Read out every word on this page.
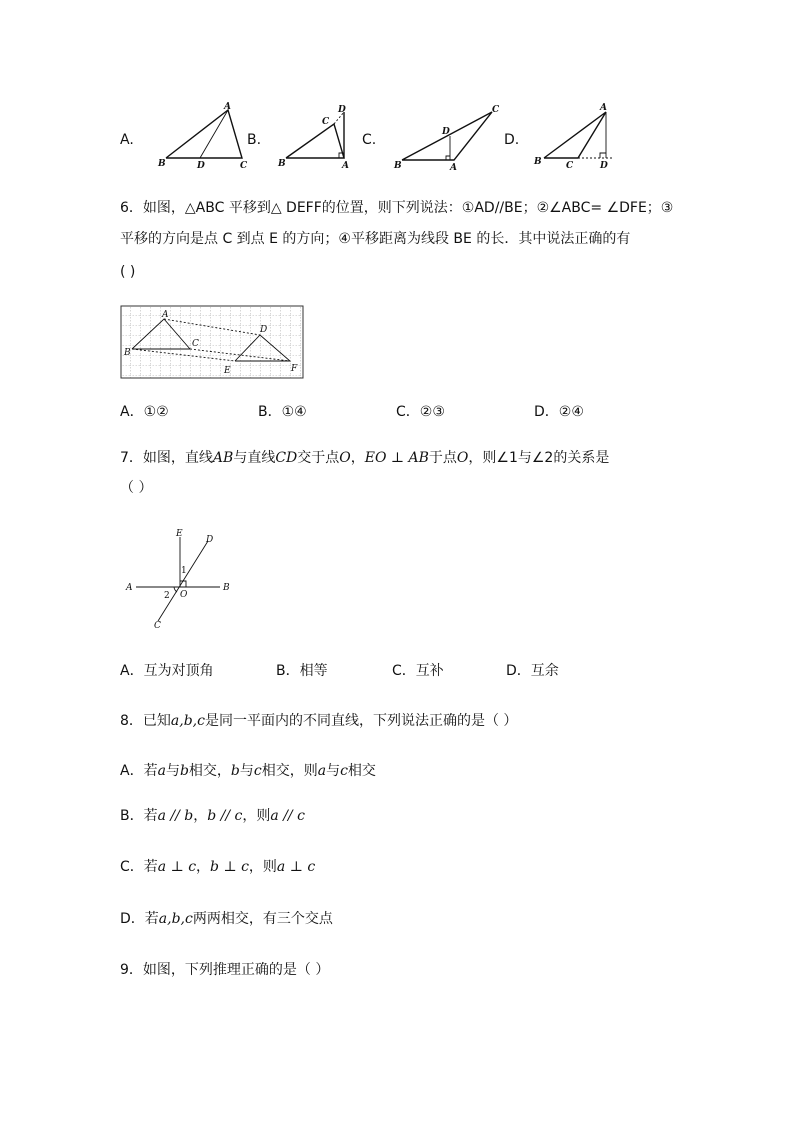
A.
A
B	D	C
B.
D
C
B	A
C.
C
D
B	A
D.
A
B	C	D
6．如图，△ABC 平移到△ DEFF的位置，则下列说法：①AD//BE；②∠ABC= ∠DFE；③
平移的方向是点 C 到点 E 的方向；④平移距离为线段 BE 的长．其中说法正确的有
( )
A
D
B
C
E	F
A．①②	B．①④	C．②③	D．②④
7．如图，直线AB与直线CD交于点O，EO ⊥ AB于点O，则∠1与∠2的关系是
（ ）
E
D
1
A
2 O
B
C
A．互为对顶角	B．相等	C．互补	D．互余
8．已知a,b,c是同一平面内的不同直线，下列说法正确的是（ ）
A．若a与b相交，b与c相交，则a与c相交
B．若a // b，b // c，则a // c
C．若a ⊥ c，b ⊥ c，则a ⊥ c
D．若a,b,c两两相交，有三个交点
9．如图，下列推理正确的是（ ）
